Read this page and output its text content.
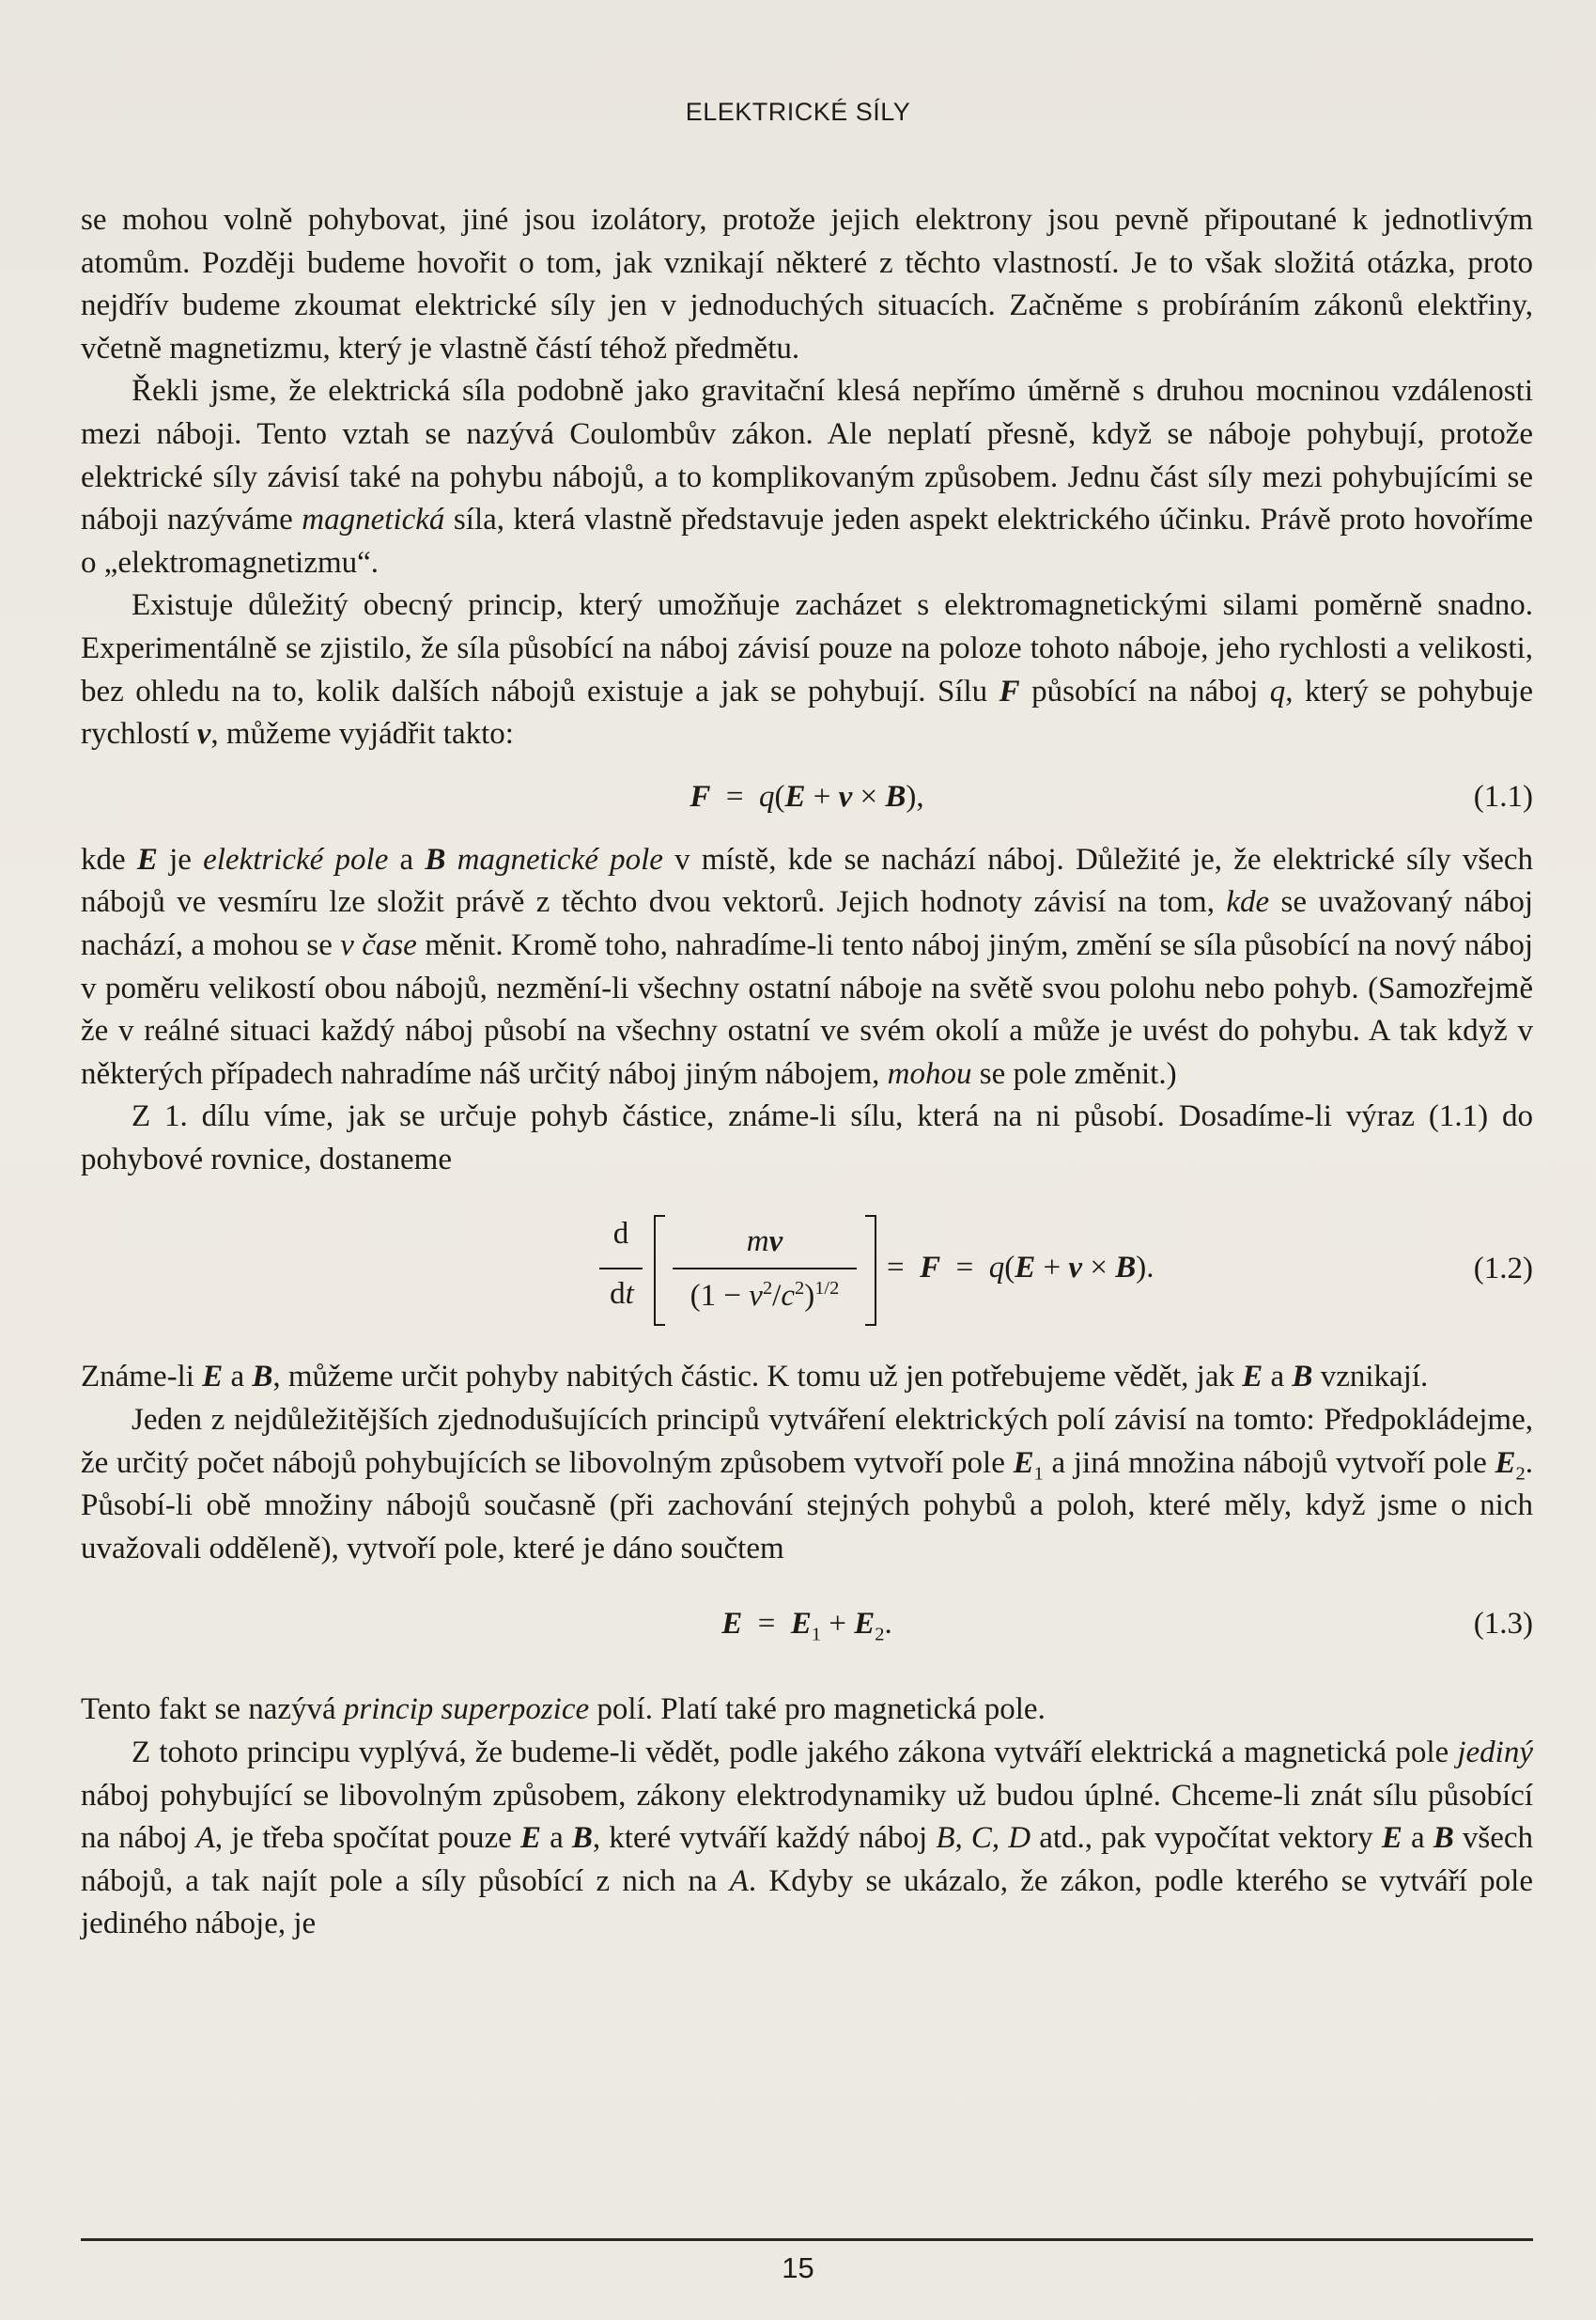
ELEKTRICKÉ SÍLY

se mohou volně pohybovat, jiné jsou izolátory, protože jejich elektrony jsou pevně připoutané k jednotlivým atomům. Později budeme hovořit o tom, jak vznikají některé z těchto vlastností. Je to však složitá otázka, proto nejdřív budeme zkoumat elektrické síly jen v jednoduchých situacích. Začněme s probíráním zákonů elektřiny, včetně magnetizmu, který je vlastně částí téhož předmětu.

Řekli jsme, že elektrická síla podobně jako gravitační klesá nepřímo úměrně s druhou mocninou vzdálenosti mezi náboji. Tento vztah se nazývá Coulombův zákon. Ale neplatí přesně, když se náboje pohybují, protože elektrické síly závisí také na pohybu nábojů, a to komplikovaným způsobem. Jednu část síly mezi pohybujícími se náboji nazýváme magnetická síla, která vlastně představuje jeden aspekt elektrického účinku. Právě proto hovoříme o „elektromagnetizmu“.

Existuje důležitý obecný princip, který umožňuje zacházet s elektromagnetickými silami poměrně snadno. Experimentálně se zjistilo, že síla působící na náboj závisí pouze na poloze tohoto náboje, jeho rychlosti a velikosti, bez ohledu na to, kolik dalších nábojů existuje a jak se pohybují. Sílu F působící na náboj q, který se pohybuje rychlostí v, můžeme vyjádřit takto:

F  =  q(E + v × B),	(1.1)

kde E je elektrické pole a B magnetické pole v místě, kde se nachází náboj. Důležité je, že elektrické síly všech nábojů ve vesmíru lze složit právě z těchto dvou vektorů. Jejich hodnoty závisí na tom, kde se uvažovaný náboj nachází, a mohou se v čase měnit. Kromě toho, nahradíme-li tento náboj jiným, změní se síla působící na nový náboj v poměru velikostí obou nábojů, nezmění-li všechny ostatní náboje na světě svou polohu nebo pohyb. (Samozřejmě že v reálné situaci každý náboj působí na všechny ostatní ve svém okolí a může je uvést do pohybu. A tak když v některých případech nahradíme náš určitý náboj jiným nábojem, mohou se pole změnit.)

Z 1. dílu víme, jak se určuje pohyb částice, známe-li sílu, která na ni působí. Dosadíme-li výraz (1.1) do pohybové rovnice, dostaneme

d
dt
mv
$(1 - v^2/c^2)^{1/2}$
=  F  =  q(E + v × B).	(1.2)

Známe-li E a B, můžeme určit pohyby nabitých částic. K tomu už jen potřebujeme vědět, jak E a B vznikají.

Jeden z nejdůležitějších zjednodušujících principů vytváření elektrických polí závisí na tomto: Předpokládejme, že určitý počet nábojů pohybujících se libovolným způsobem vytvoří pole $E_1$ a jiná množina nábojů vytvoří pole $E_2$. Působí-li obě množiny nábojů současně (při zachování stejných pohybů a poloh, které měly, když jsme o nich uvažovali odděleně), vytvoří pole, které je dáno součtem

$E = E_1 + E_2$.	(1.3)

Tento fakt se nazývá princip superpozice polí. Platí také pro magnetická pole.

Z tohoto principu vyplývá, že budeme-li vědět, podle jakého zákona vytváří elektrická a magnetická pole jediný náboj pohybující se libovolným způsobem, zákony elektrodynamiky už budou úplné. Chceme-li znát sílu působící na náboj A, je třeba spočítat pouze E a B, které vytváří každý náboj B, C, D atd., pak vypočítat vektory E a B všech nábojů, a tak najít pole a síly působící z nich na A. Kdyby se ukázalo, že zákon, podle kterého se vytváří pole jediného náboje, je

15
